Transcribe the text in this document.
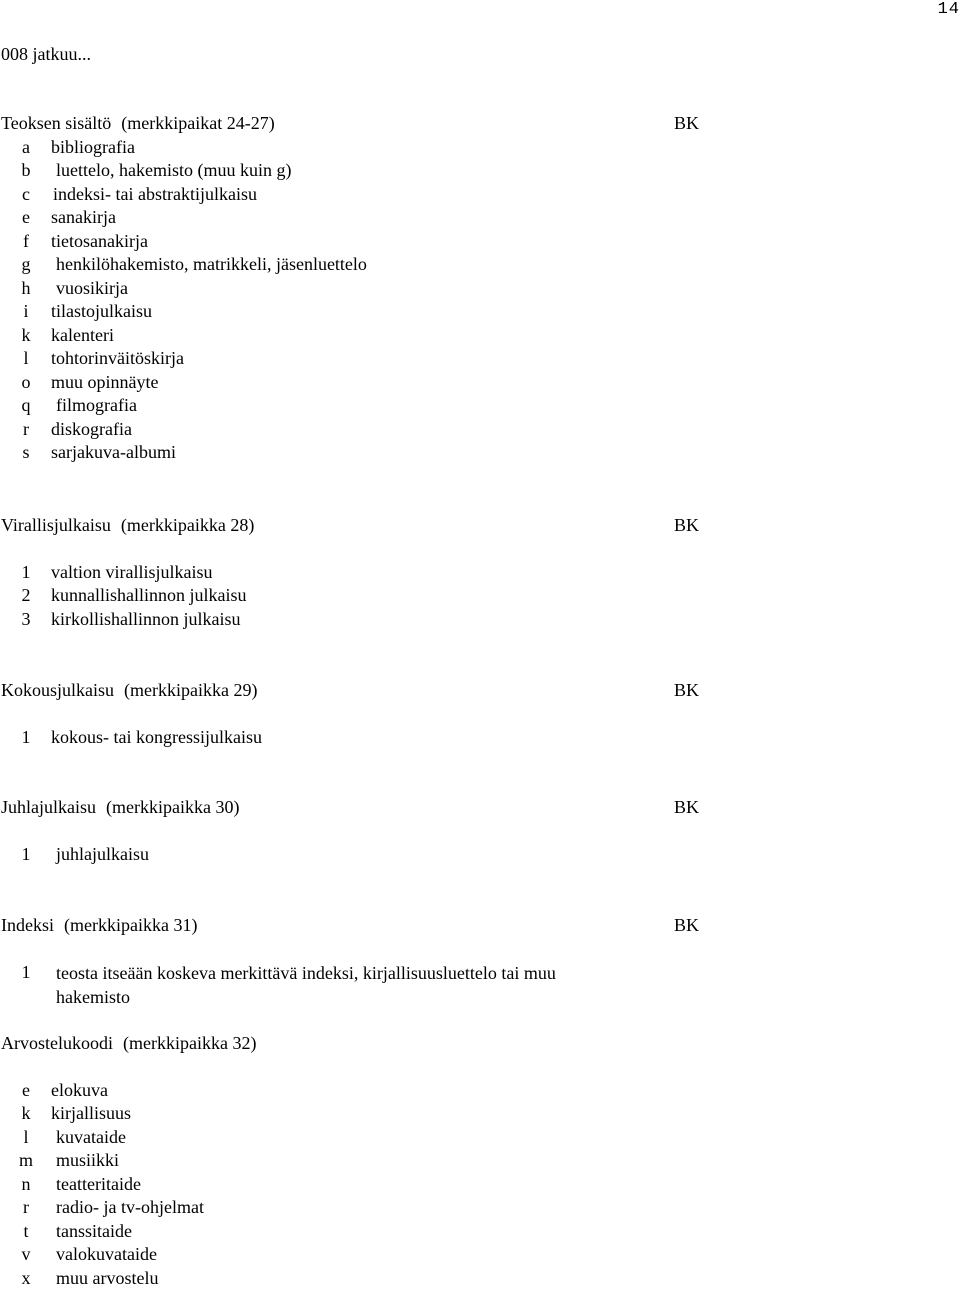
14
008 jatkuu...
Teoksen sisältö (merkkipaikat 24-27)	BK
a	bibliografia
b	luettelo, hakemisto (muu kuin g)
c	indeksi- tai abstraktijulkaisu
e	sanakirja
f	tietosanakirja
g	henkilöhakemisto, matrikkeli, jäsenluettelo
h	vuosikirja
i	tilastojulkaisu
k	kalenteri
l	tohtorinväitöskirja
o	muu opinnäyte
q	filmografia
r	diskografia
s	sarjakuva-albumi
Virallisjulkaisu (merkkipaikka 28)	BK
1	valtion virallisjulkaisu
2	kunnallishallinnon julkaisu
3	kirkollishallinnon julkaisu
Kokousjulkaisu (merkkipaikka 29)	BK
1	kokous- tai kongressijulkaisu
Juhlajulkaisu (merkkipaikka 30)	BK
1	juhlajulkaisu
Indeksi (merkkipaikka 31)	BK
1	teosta itseään koskeva merkittävä indeksi, kirjallisuusluettelo tai muu hakemisto
Arvostelukoodi (merkkipaikka 32)
e	elokuva
k	kirjallisuus
l	kuvataide
m	musiikki
n	teatteritaide
r	radio- ja tv-ohjelmat
t	tanssitaide
v	valokuvataide
x	muu arvostelu
